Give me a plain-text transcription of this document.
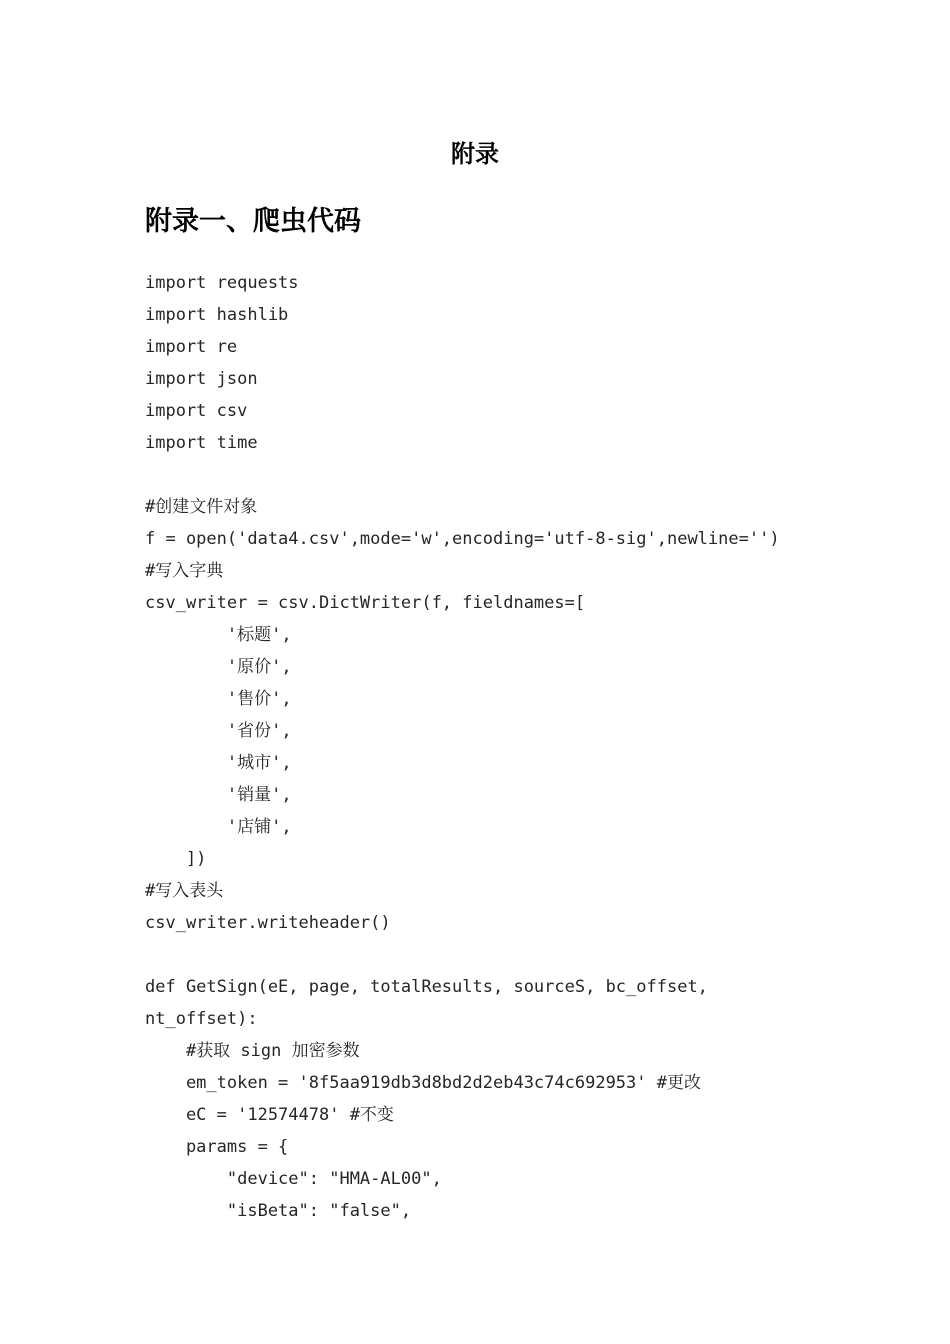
附录
附录一、爬虫代码
import requests
import hashlib
import re
import json
import csv
import time
#创建文件对象
f = open('data4.csv',mode='w',encoding='utf-8-sig',newline='')
#写入字典
csv_writer = csv.DictWriter(f, fieldnames=[
'标题',
'原价',
'售价',
'省份',
'城市',
'销量',
'店铺',
])
#写入表头
csv_writer.writeheader()
def GetSign(eE, page, totalResults, sourceS, bc_offset,
nt_offset):
#获取 sign 加密参数
em_token = '8f5aa919db3d8bd2d2eb43c74c692953' #更改
eC = '12574478' #不变
params = {
"device": "HMA-AL00",
"isBeta": "false",
